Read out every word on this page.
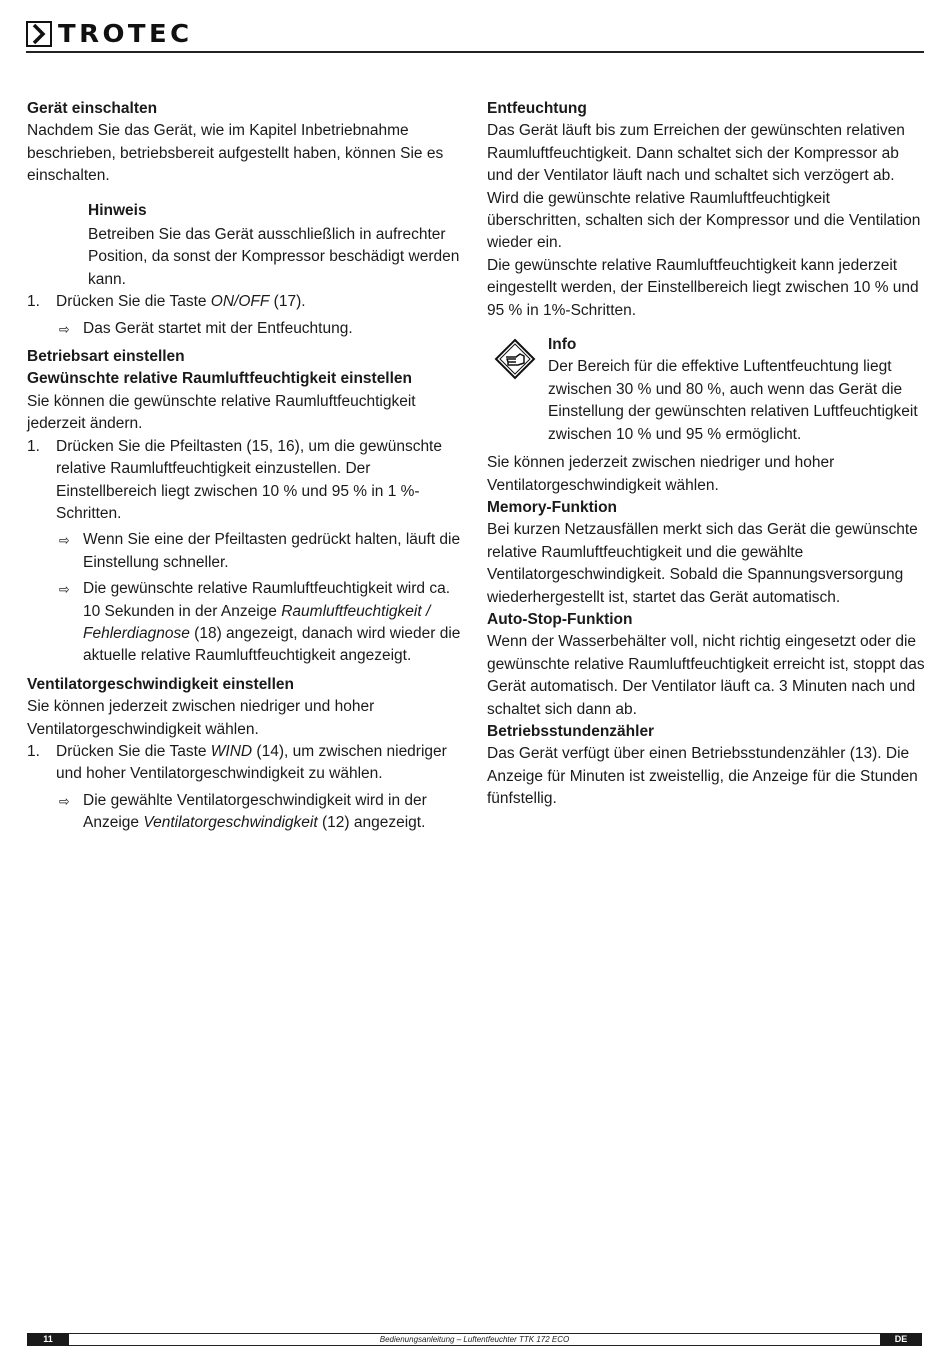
TROTEC

Gerät einschalten

Nachdem Sie das Gerät, wie im Kapitel Inbetriebnahme beschrieben, betriebsbereit aufgestellt haben, können Sie es einschalten.

Hinweis

Betreiben Sie das Gerät ausschließlich in aufrechter Position, da sonst der Kompressor beschädigt werden kann.

1.	Drücken Sie die Taste ON/OFF (17).
⇨ Das Gerät startet mit der Entfeuchtung.

Betriebsart einstellen

Gewünschte relative Raumluftfeuchtigkeit einstellen

Sie können die gewünschte relative Raumluftfeuchtigkeit jederzeit ändern.

1.	Drücken Sie die Pfeiltasten (15, 16), um die gewünschte relative Raumluftfeuchtigkeit einzustellen. Der Einstellbereich liegt zwischen 10 % und 95 % in 1 %-Schritten.
⇨ Wenn Sie eine der Pfeiltasten gedrückt halten, läuft die Einstellung schneller.
⇨ Die gewünschte relative Raumluftfeuchtigkeit wird ca. 10 Sekunden in der Anzeige Raumluftfeuchtigkeit / Fehlerdiagnose (18) angezeigt, danach wird wieder die aktuelle relative Raumluftfeuchtigkeit angezeigt.

Ventilatorgeschwindigkeit einstellen

Sie können jederzeit zwischen niedriger und hoher Ventilatorgeschwindigkeit wählen.

1.	Drücken Sie die Taste WIND (14), um zwischen niedriger und hoher Ventilatorgeschwindigkeit zu wählen.
⇨ Die gewählte Ventilatorgeschwindigkeit wird in der Anzeige Ventilatorgeschwindigkeit (12) angezeigt.

Entfeuchtung

Das Gerät läuft bis zum Erreichen der gewünschten relativen Raumluftfeuchtigkeit. Dann schaltet sich der Kompressor ab und der Ventilator läuft nach und schaltet sich verzögert ab. Wird die gewünschte relative Raumluftfeuchtigkeit überschritten, schalten sich der Kompressor und die Ventilation wieder ein.

Die gewünschte relative Raumluftfeuchtigkeit kann jederzeit eingestellt werden, der Einstellbereich liegt zwischen 10 % und 95 % in 1%-Schritten.

Info

Der Bereich für die effektive Luftentfeuchtung liegt zwischen 30 % und 80 %, auch wenn das Gerät die Einstellung der gewünschten relativen Luftfeuchtigkeit zwischen 10 % und 95 % ermöglicht.

Sie können jederzeit zwischen niedriger und hoher Ventilatorgeschwindigkeit wählen.

Memory-Funktion

Bei kurzen Netzausfällen merkt sich das Gerät die gewünschte relative Raumluftfeuchtigkeit und die gewählte Ventilatorgeschwindigkeit. Sobald die Spannungsversorgung wiederhergestellt ist, startet das Gerät automatisch.

Auto-Stop-Funktion

Wenn der Wasserbehälter voll, nicht richtig eingesetzt oder die gewünschte relative Raumluftfeuchtigkeit erreicht ist, stoppt das Gerät automatisch. Der Ventilator läuft ca. 3 Minuten nach und schaltet sich dann ab.

Betriebsstundenzähler

Das Gerät verfügt über einen Betriebsstundenzähler (13). Die Anzeige für Minuten ist zweistellig, die Anzeige für die Stunden fünfstellig.

11	Bedienungsanleitung – Luftentfeuchter TTK 172 ECO	DE
